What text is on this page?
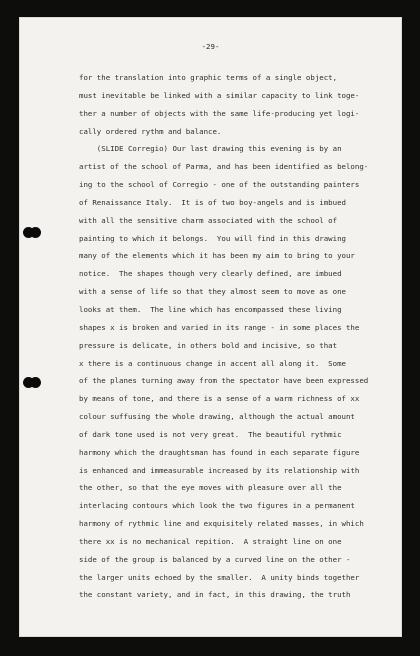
-29-
for the translation into graphic terms of a single object,
must inevitable be linked with a similar capacity to link toge-
ther a number of objects with the same life-producing yet logi-
cally ordered rythm and balance.
(SLIDE Corregio) Our last drawing this evening is by an
artist of the school of Parma, and has been identified as belong-
ing to the school of Corregio - one of the outstanding painters
of Renaissance Italy.  It is of two boy-angels and is imbued
with all the sensitive charm associated with the school of
painting to which it belongs.  You will find in this drawing
many of the elements which it has been my aim to bring to your
notice.  The shapes though very clearly defined, are imbued
with a sense of life so that they almost seem to move as one
looks at them.  The line which has encompassed these living
shapes x is broken and varied in its range - in some places the
pressure is delicate, in others bold and incisive, so that
x there is a continuous change in accent all along it.  Some
of the planes turning away from the spectator have been expressed
by means of tone, and there is a sense of a warm richness of xx
colour suffusing the whole drawing, although the actual amount
of dark tone used is not very great.  The beautiful rythmic
harmony which the draughtsman has found in each separate figure
is enhanced and immeasurable increased by its relationship with
the other, so that the eye moves with pleasure over all the
interlacing contours which look the two figures in a permanent
harmony of rythmic line and exquisitely related masses, in which
there xx is no mechanical repition.  A straight line on one
side of the group is balanced by a curved line on the other -
the larger units echoed by the smaller.  A unity binds together
the constant variety, and in fact, in this drawing, the truth
